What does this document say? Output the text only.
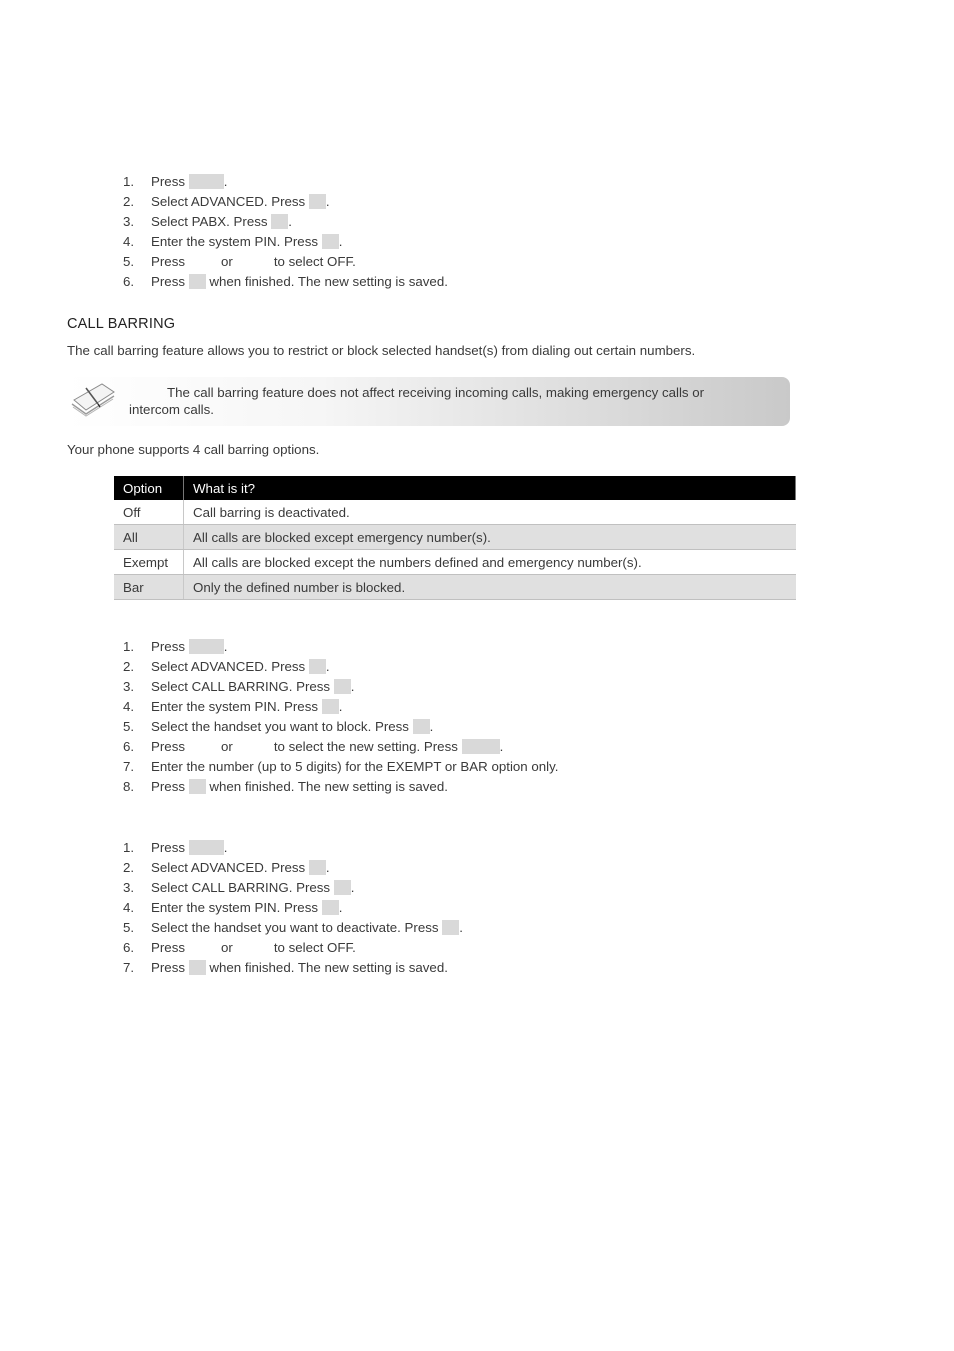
1. Press	.
2. Select ADVANCED. Press .
3. Select PABX. Press .
4. Enter the system PIN. Press .
5. Press	or	to select OFF.
6. Press when finished. The new setting is saved.
CALL BARRING
The call barring feature allows you to restrict or block selected handset(s) from dialing out certain numbers.
The call barring feature does not affect receiving incoming calls, making emergency calls or
intercom calls.
Your phone supports 4 call barring options.
Option	What is it?
Off	Call barring is deactivated.
All	All calls are blocked except emergency number(s).
Exempt	All calls are blocked except the numbers defined and emergency number(s).
Bar	Only the defined number is blocked.
1. Press	.
2. Select ADVANCED. Press .
3. Select CALL BARRING. Press .
4. Enter the system PIN. Press .
5. Select the handset you want to block. Press .
6. Press	or	to select the new setting. Press	.
7. Enter the number (up to 5 digits) for the EXEMPT or BAR option only.
8. Press when finished. The new setting is saved.
1. Press	.
2. Select ADVANCED. Press .
3. Select CALL BARRING. Press .
4. Enter the system PIN. Press .
5. Select the handset you want to deactivate. Press .
6. Press	or	to select OFF.
7. Press when finished. The new setting is saved.
